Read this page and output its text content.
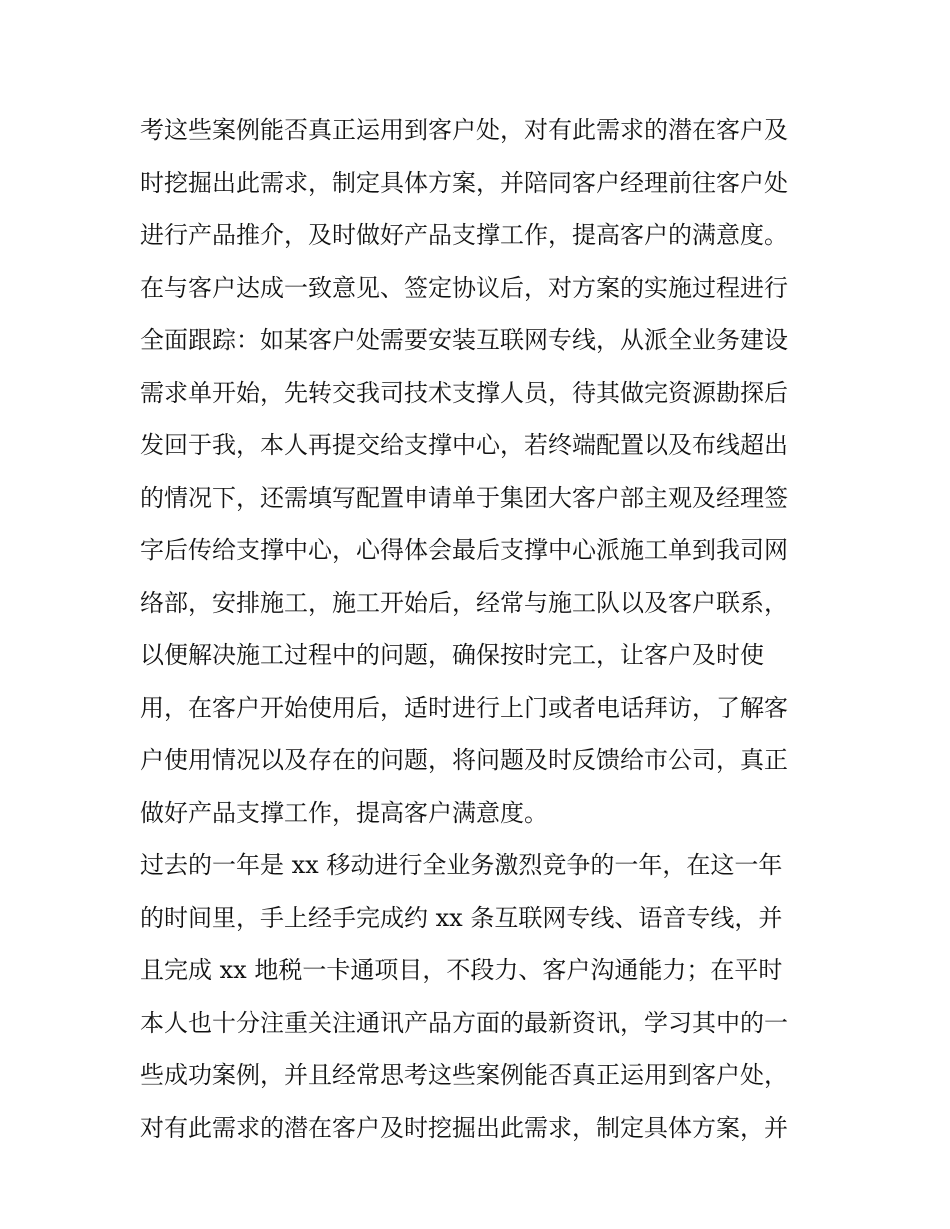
考这些案例能否真正运用到客户处，对有此需求的潜在客户及
时挖掘出此需求，制定具体方案，并陪同客户经理前往客户处
进行产品推介，及时做好产品支撑工作，提高客户的满意度。
在与客户达成一致意见、签定协议后，对方案的实施过程进行
全面跟踪：如某客户处需要安装互联网专线，从派全业务建设
需求单开始，先转交我司技术支撑人员，待其做完资源勘探后
发回于我，本人再提交给支撑中心，若终端配置以及布线超出
的情况下，还需填写配置申请单于集团大客户部主观及经理签
字后传给支撑中心，心得体会最后支撑中心派施工单到我司网
络部，安排施工，施工开始后，经常与施工队以及客户联系，
以便解决施工过程中的问题，确保按时完工，让客户及时使
用，在客户开始使用后，适时进行上门或者电话拜访，了解客
户使用情况以及存在的问题，将问题及时反馈给市公司，真正
做好产品支撑工作，提高客户满意度。
过去的一年是 xx 移动进行全业务激烈竞争的一年，在这一年
的时间里，手上经手完成约 xx 条互联网专线、语音专线，并
且完成 xx 地税一卡通项目，不段力、客户沟通能力；在平时
本人也十分注重关注通讯产品方面的最新资讯，学习其中的一
些成功案例，并且经常思考这些案例能否真正运用到客户处，
对有此需求的潜在客户及时挖掘出此需求，制定具体方案，并
